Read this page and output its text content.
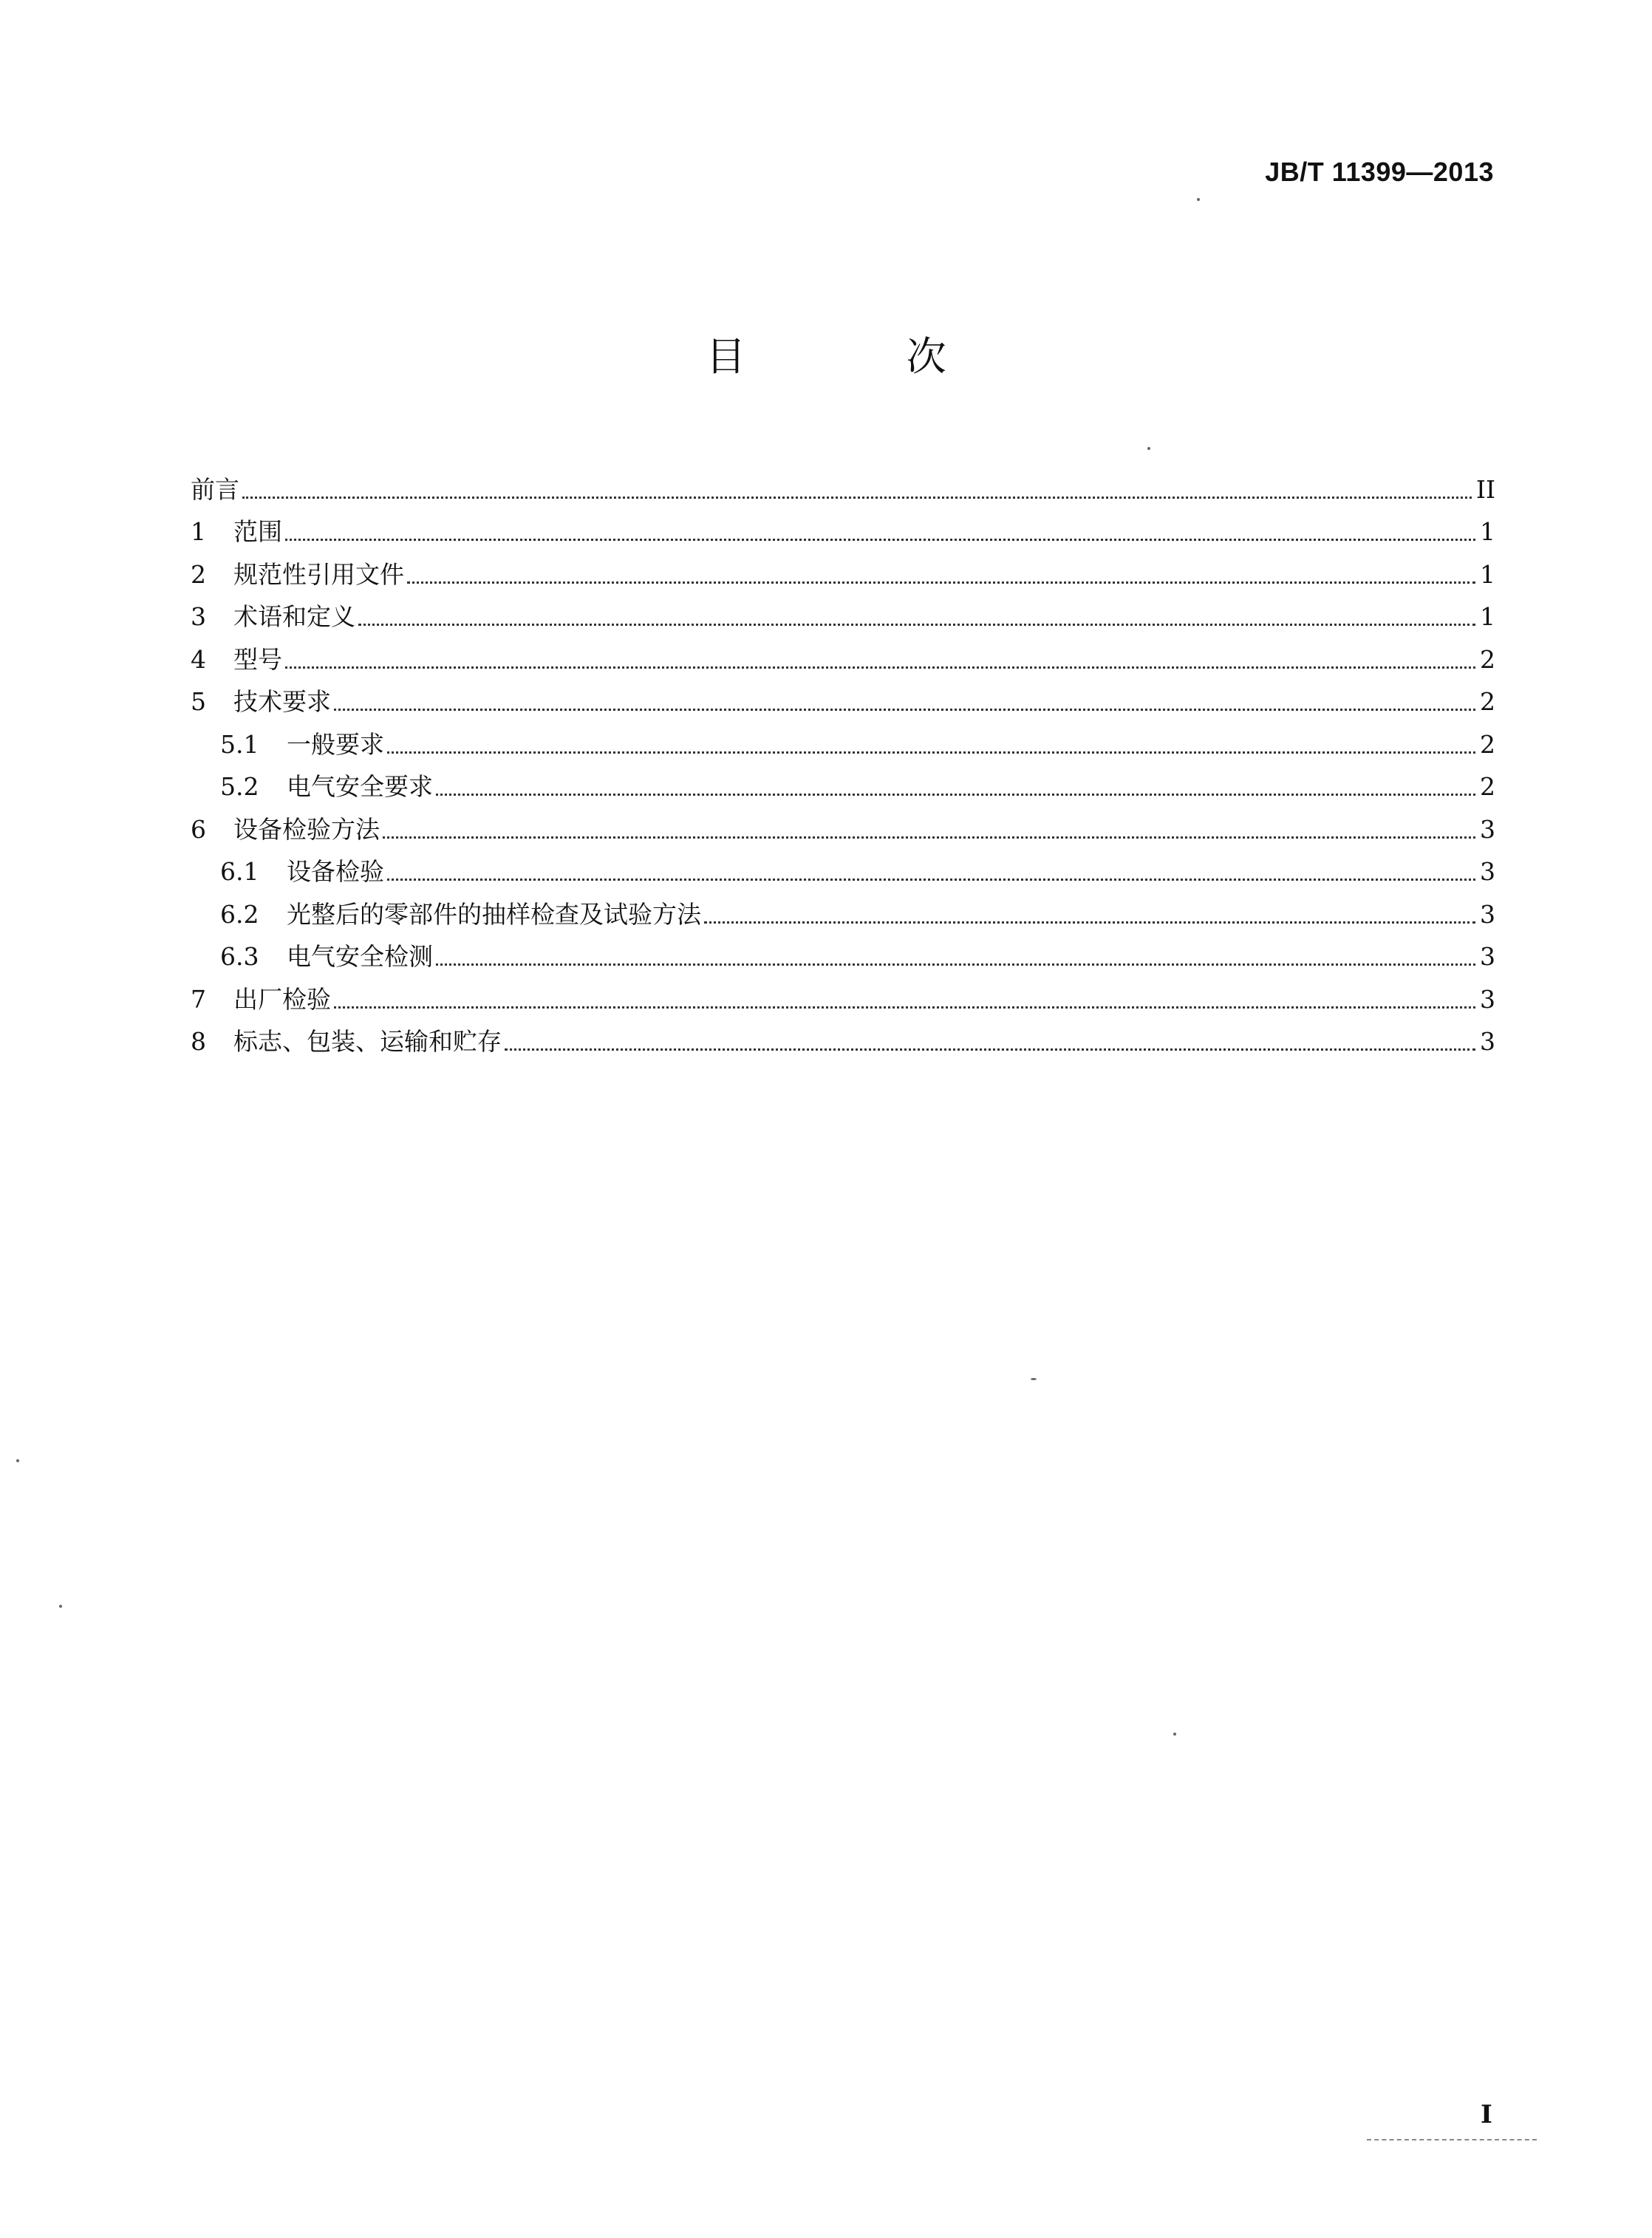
JB/T 11399—2013
目 次
前言	II
1	范围	1
2	规范性引用文件	1
3	术语和定义	1
4	型号	2
5	技术要求	2
5.1	一般要求	2
5.2	电气安全要求	2
6	设备检验方法	3
6.1	设备检验	3
6.2	光整后的零部件的抽样检查及试验方法	3
6.3	电气安全检测	3
7	出厂检验	3
8	标志、包装、运输和贮存	3
I
